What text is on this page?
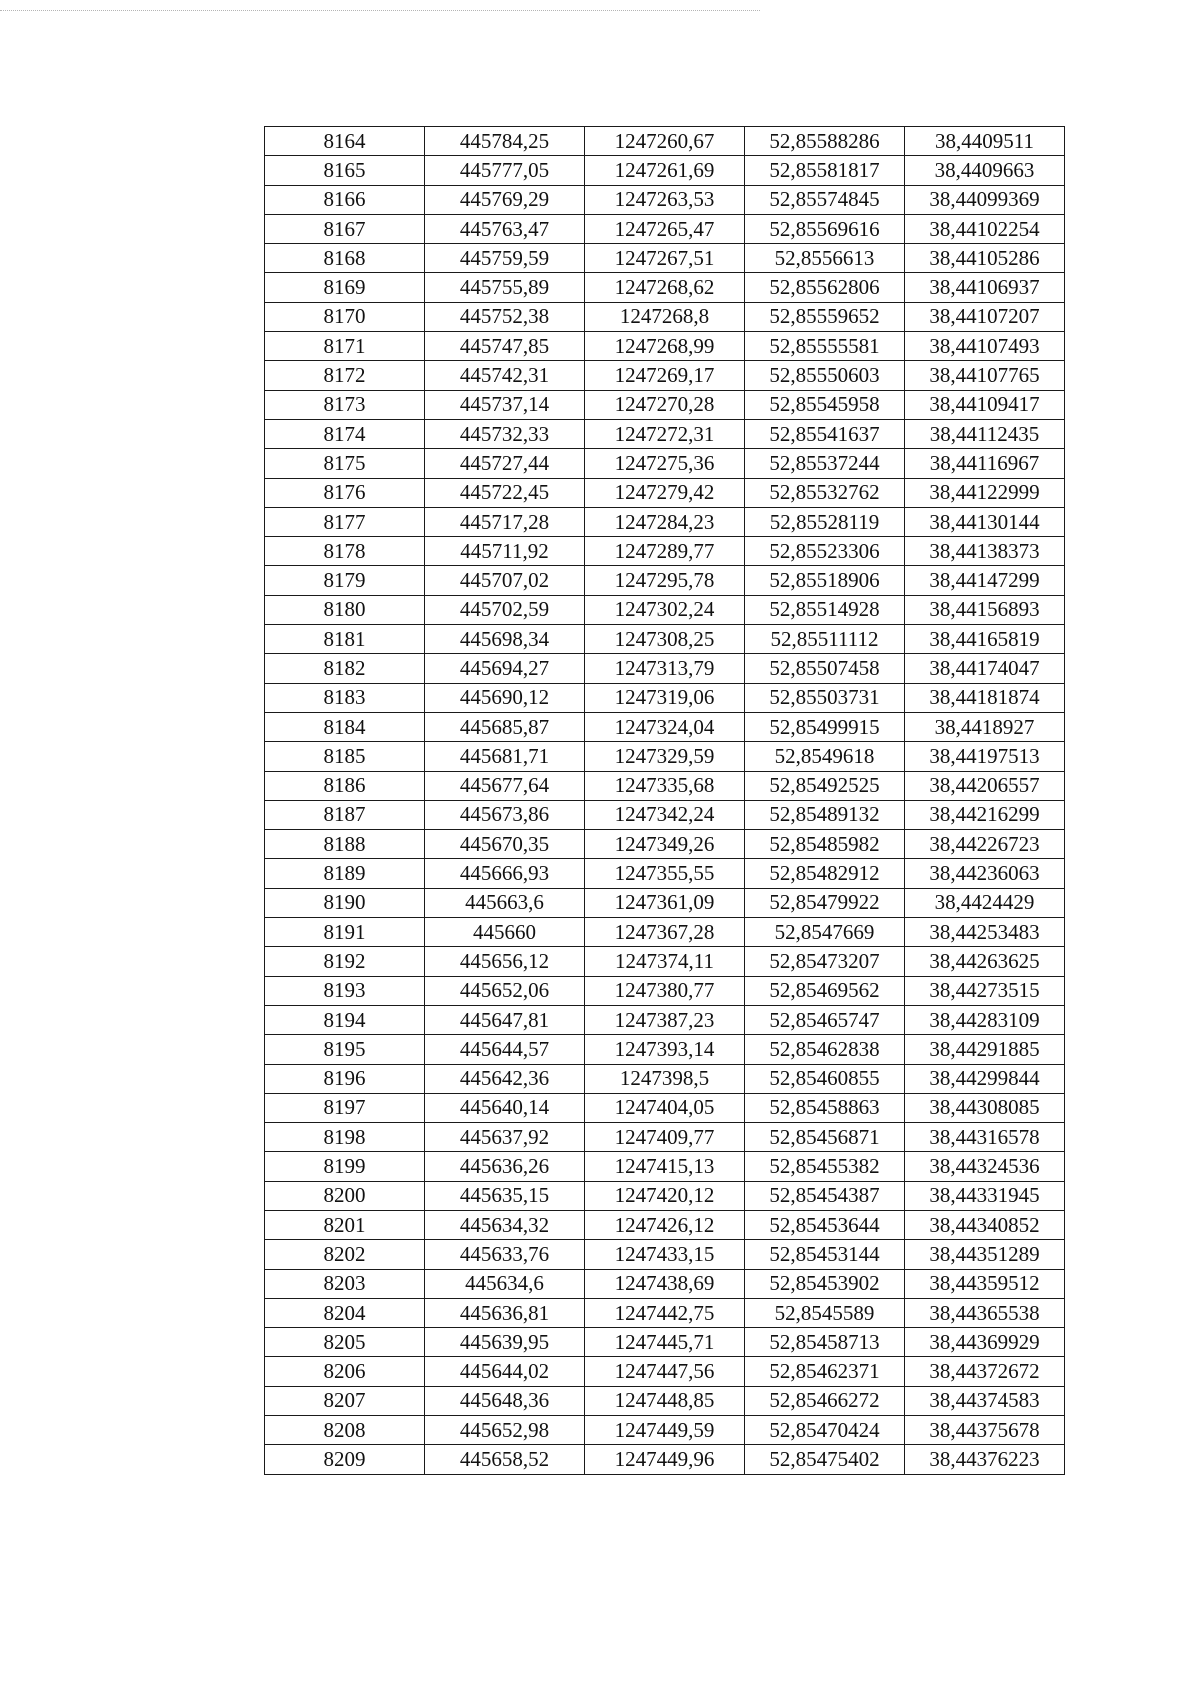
8164	445784,25	1247260,67	52,85588286	38,4409511
8165	445777,05	1247261,69	52,85581817	38,4409663
8166	445769,29	1247263,53	52,85574845	38,44099369
8167	445763,47	1247265,47	52,85569616	38,44102254
8168	445759,59	1247267,51	52,8556613	38,44105286
8169	445755,89	1247268,62	52,85562806	38,44106937
8170	445752,38	1247268,8	52,85559652	38,44107207
8171	445747,85	1247268,99	52,85555581	38,44107493
8172	445742,31	1247269,17	52,85550603	38,44107765
8173	445737,14	1247270,28	52,85545958	38,44109417
8174	445732,33	1247272,31	52,85541637	38,44112435
8175	445727,44	1247275,36	52,85537244	38,44116967
8176	445722,45	1247279,42	52,85532762	38,44122999
8177	445717,28	1247284,23	52,85528119	38,44130144
8178	445711,92	1247289,77	52,85523306	38,44138373
8179	445707,02	1247295,78	52,85518906	38,44147299
8180	445702,59	1247302,24	52,85514928	38,44156893
8181	445698,34	1247308,25	52,85511112	38,44165819
8182	445694,27	1247313,79	52,85507458	38,44174047
8183	445690,12	1247319,06	52,85503731	38,44181874
8184	445685,87	1247324,04	52,85499915	38,4418927
8185	445681,71	1247329,59	52,8549618	38,44197513
8186	445677,64	1247335,68	52,85492525	38,44206557
8187	445673,86	1247342,24	52,85489132	38,44216299
8188	445670,35	1247349,26	52,85485982	38,44226723
8189	445666,93	1247355,55	52,85482912	38,44236063
8190	445663,6	1247361,09	52,85479922	38,4424429
8191	445660	1247367,28	52,8547669	38,44253483
8192	445656,12	1247374,11	52,85473207	38,44263625
8193	445652,06	1247380,77	52,85469562	38,44273515
8194	445647,81	1247387,23	52,85465747	38,44283109
8195	445644,57	1247393,14	52,85462838	38,44291885
8196	445642,36	1247398,5	52,85460855	38,44299844
8197	445640,14	1247404,05	52,85458863	38,44308085
8198	445637,92	1247409,77	52,85456871	38,44316578
8199	445636,26	1247415,13	52,85455382	38,44324536
8200	445635,15	1247420,12	52,85454387	38,44331945
8201	445634,32	1247426,12	52,85453644	38,44340852
8202	445633,76	1247433,15	52,85453144	38,44351289
8203	445634,6	1247438,69	52,85453902	38,44359512
8204	445636,81	1247442,75	52,8545589	38,44365538
8205	445639,95	1247445,71	52,85458713	38,44369929
8206	445644,02	1247447,56	52,85462371	38,44372672
8207	445648,36	1247448,85	52,85466272	38,44374583
8208	445652,98	1247449,59	52,85470424	38,44375678
8209	445658,52	1247449,96	52,85475402	38,44376223
